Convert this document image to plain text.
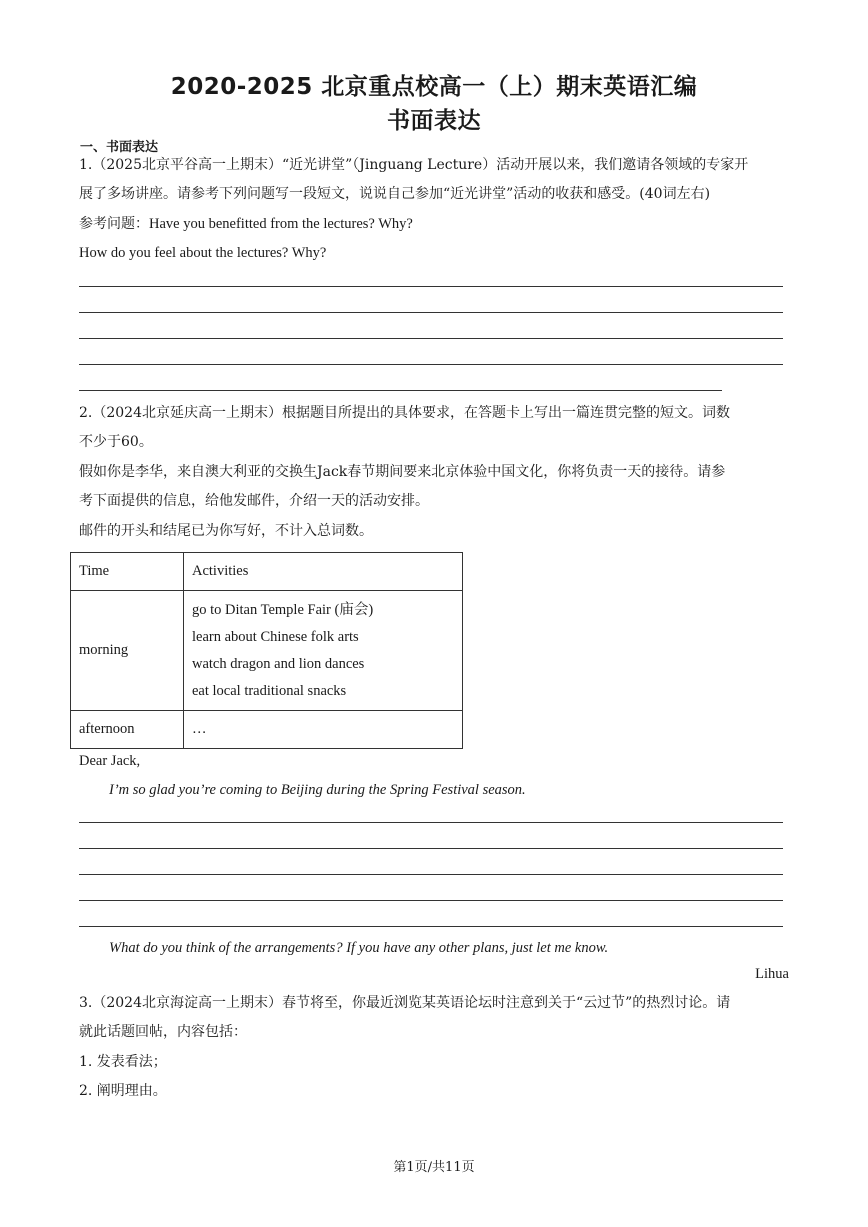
2020-2025 北京重点校高一（上）期末英语汇编
书面表达
一、书面表达
1.（2025北京平谷高一上期末）“近光讲堂”（Jinguang Lecture）活动开展以来，我们邀请各领域的专家开
展了多场讲座。请参考下列问题写一段短文，说说自己参加“近光讲堂”活动的收获和感受。(40词左右)
参考问题：Have you benefitted from the lectures? Why?
How do you feel about the lectures? Why?
2.（2024北京延庆高一上期末）根据题目所提出的具体要求，在答题卡上写出一篇连贯完整的短文。词数
不少于60。
假如你是李华，来自澳大利亚的交换生Jack春节期间要来北京体验中国文化，你将负责一天的接待。请参
考下面提供的信息，给他发邮件，介绍一天的活动安排。
邮件的开头和结尾已为你写好，不计入总词数。
Time	Activities
morning	go to Ditan Temple Fair (庙会)
learn about Chinese folk arts
watch dragon and lion dances
eat local traditional snacks

afternoon	…
Dear Jack,
I’m so glad you’re coming to Beijing during the Spring Festival season.
What do you think of the arrangements? If you have any other plans, just let me know.
Lihua
3.（2024北京海淀高一上期末）春节将至，你最近浏览某英语论坛时注意到关于“云过节”的热烈讨论。请
就此话题回帖，内容包括：
1. 发表看法；
2. 阐明理由。
第1页/共11页
